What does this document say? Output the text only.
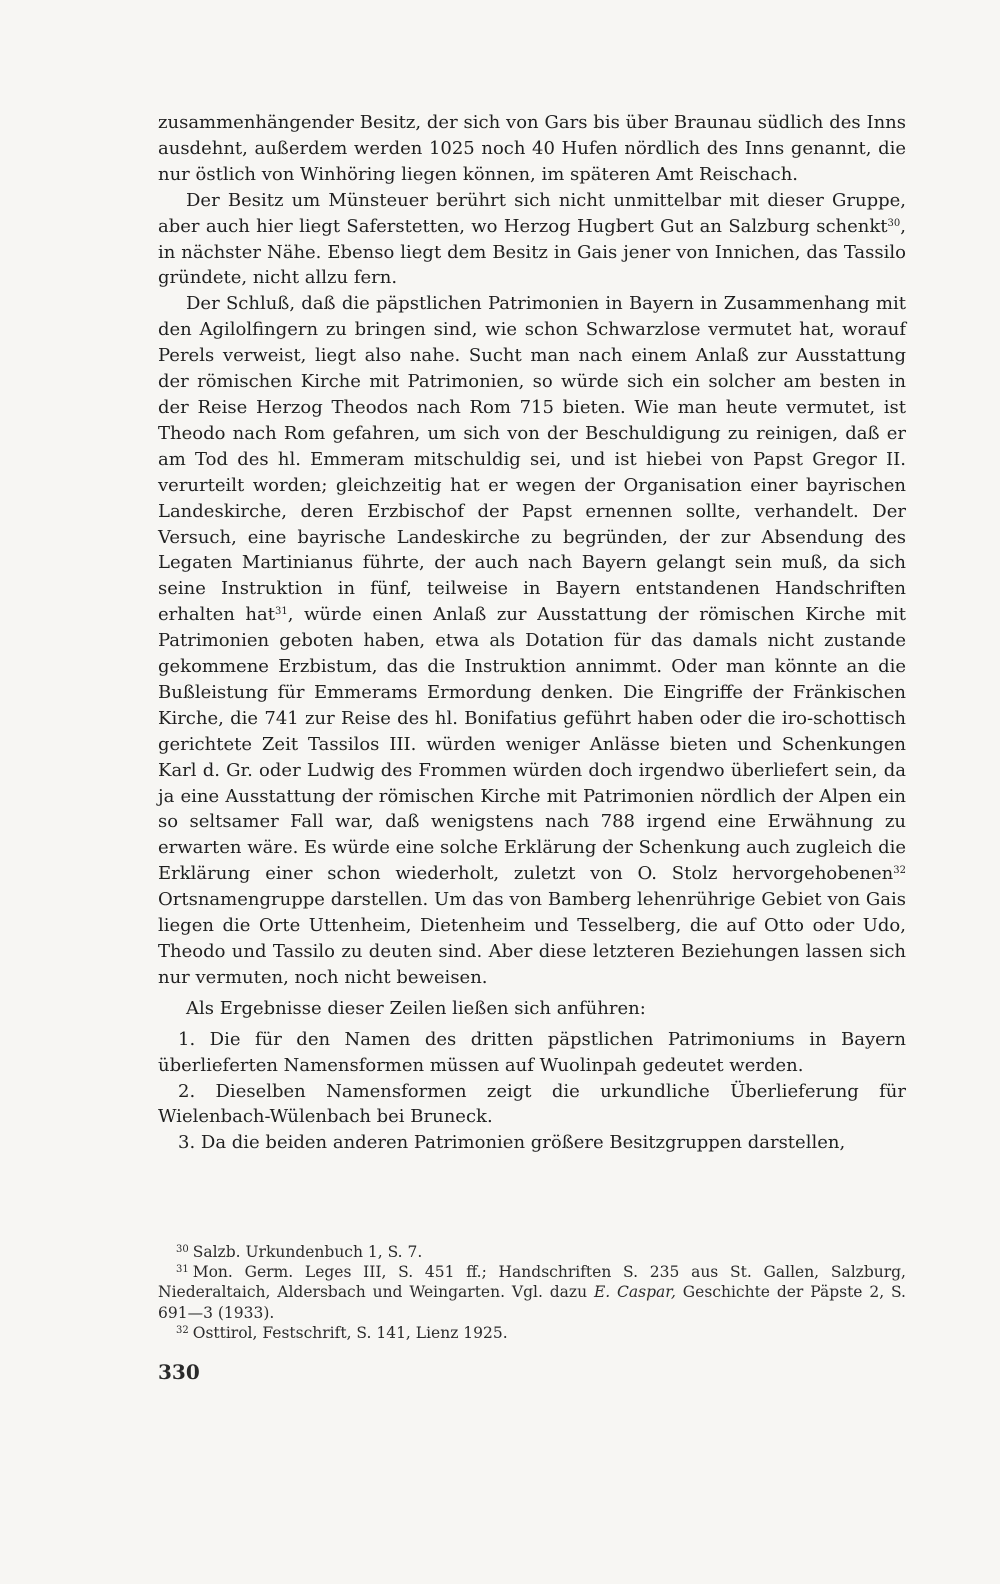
zusammenhängender Besitz, der sich von Gars bis über Braunau südlich des Inns ausdehnt, außerdem werden 1025 noch 40 Hufen nördlich des Inns genannt, die nur östlich von Winhöring liegen können, im späteren Amt Reischach.

Der Besitz um Münsteuer berührt sich nicht unmittelbar mit dieser Gruppe, aber auch hier liegt Saferstetten, wo Herzog Hugbert Gut an Salzburg schenkt$^{30}$, in nächster Nähe. Ebenso liegt dem Besitz in Gais jener von Innichen, das Tassilo gründete, nicht allzu fern.

Der Schluß, daß die päpstlichen Patrimonien in Bayern in Zusammenhang mit den Agilolfingern zu bringen sind, wie schon Schwarzlose vermutet hat, worauf Perels verweist, liegt also nahe. Sucht man nach einem Anlaß zur Ausstattung der römischen Kirche mit Patrimonien, so würde sich ein solcher am besten in der Reise Herzog Theodos nach Rom 715 bieten. Wie man heute vermutet, ist Theodo nach Rom gefahren, um sich von der Beschuldigung zu reinigen, daß er am Tod des hl. Emmeram mitschuldig sei, und ist hiebei von Papst Gregor II. verurteilt worden; gleichzeitig hat er wegen der Organisation einer bayrischen Landeskirche, deren Erzbischof der Papst ernennen sollte, verhandelt. Der Versuch, eine bayrische Landeskirche zu begründen, der zur Absendung des Legaten Martinianus führte, der auch nach Bayern gelangt sein muß, da sich seine Instruktion in fünf, teilweise in Bayern entstandenen Handschriften erhalten hat$^{31}$, würde einen Anlaß zur Ausstattung der römischen Kirche mit Patrimonien geboten haben, etwa als Dotation für das damals nicht zustande gekommene Erzbistum, das die Instruktion annimmt. Oder man könnte an die Bußleistung für Emmerams Ermordung denken. Die Eingriffe der Fränkischen Kirche, die 741 zur Reise des hl. Bonifatius geführt haben oder die iro-schottisch gerichtete Zeit Tassilos III. würden weniger Anlässe bieten und Schenkungen Karl d. Gr. oder Ludwig des Frommen würden doch irgendwo überliefert sein, da ja eine Ausstattung der römischen Kirche mit Patrimonien nördlich der Alpen ein so seltsamer Fall war, daß wenigstens nach 788 irgend eine Erwähnung zu erwarten wäre. Es würde eine solche Erklärung der Schenkung auch zugleich die Erklärung einer schon wiederholt, zuletzt von O. Stolz hervorgehobenen$^{32}$ Ortsnamengruppe darstellen. Um das von Bamberg lehenrührige Gebiet von Gais liegen die Orte Uttenheim, Dietenheim und Tesselberg, die auf Otto oder Udo, Theodo und Tassilo zu deuten sind. Aber diese letzteren Beziehungen lassen sich nur vermuten, noch nicht beweisen.

Als Ergebnisse dieser Zeilen ließen sich anführen:

1. Die für den Namen des dritten päpstlichen Patrimoniums in Bayern überlieferten Namensformen müssen auf Wuolinpah gedeutet werden.

2. Dieselben Namensformen zeigt die urkundliche Überlieferung für Wielenbach-Wülenbach bei Bruneck.

3. Da die beiden anderen Patrimonien größere Besitzgruppen darstellen,

$^{30}$ Salzb. Urkundenbuch 1, S. 7.

$^{31}$ Mon. Germ. Leges III, S. 451 ff.; Handschriften S. 235 aus St. Gallen, Salzburg, Niederaltaich, Aldersbach und Weingarten. Vgl. dazu E. Caspar, Geschichte der Päpste 2, S. 691—3 (1933).

$^{32}$ Osttirol, Festschrift, S. 141, Lienz 1925.

330
